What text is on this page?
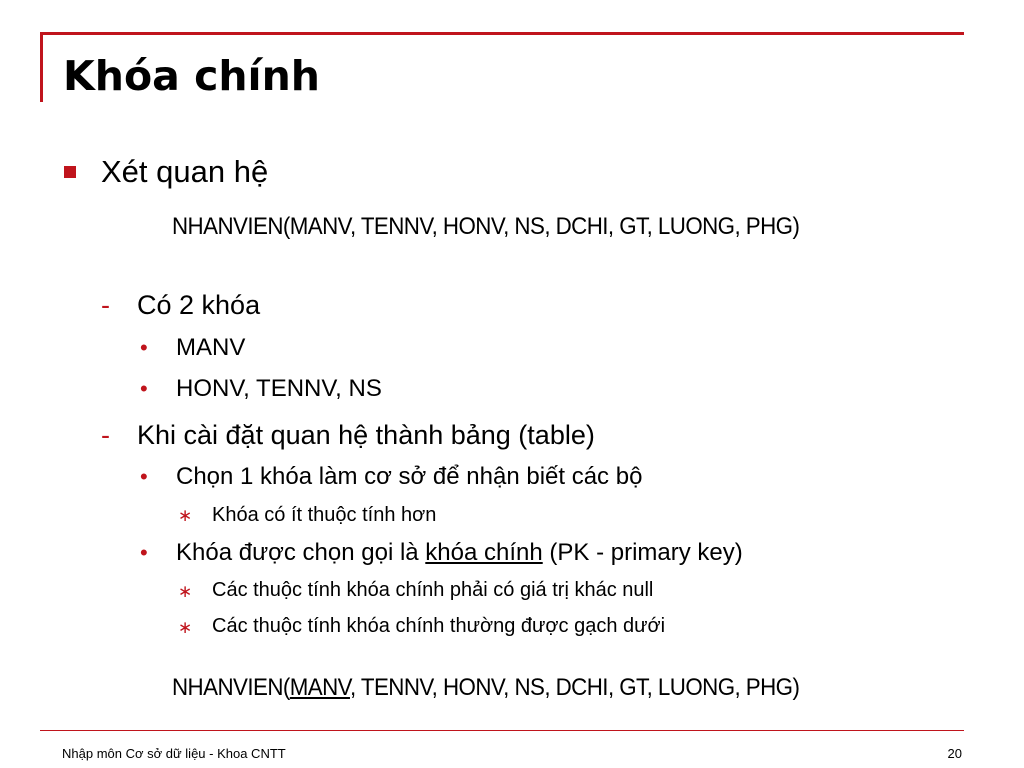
Khóa chính
Xét quan hệ
NHANVIEN(MANV, TENNV, HONV, NS, DCHI, GT, LUONG, PHG)
- Có 2 khóa
• MANV
• HONV, TENNV, NS
- Khi cài đặt quan hệ thành bảng (table)
• Chọn 1 khóa làm cơ sở để nhận biết các bộ
∗ Khóa có ít thuộc tính hơn
• Khóa được chọn gọi là khóa chính (PK - primary key)
∗ Các thuộc tính khóa chính phải có giá trị khác null
∗ Các thuộc tính khóa chính thường được gạch dưới
NHANVIEN(MANV, TENNV, HONV, NS, DCHI, GT, LUONG, PHG)
Nhập môn Cơ sở dữ liệu - Khoa CNTT	20
